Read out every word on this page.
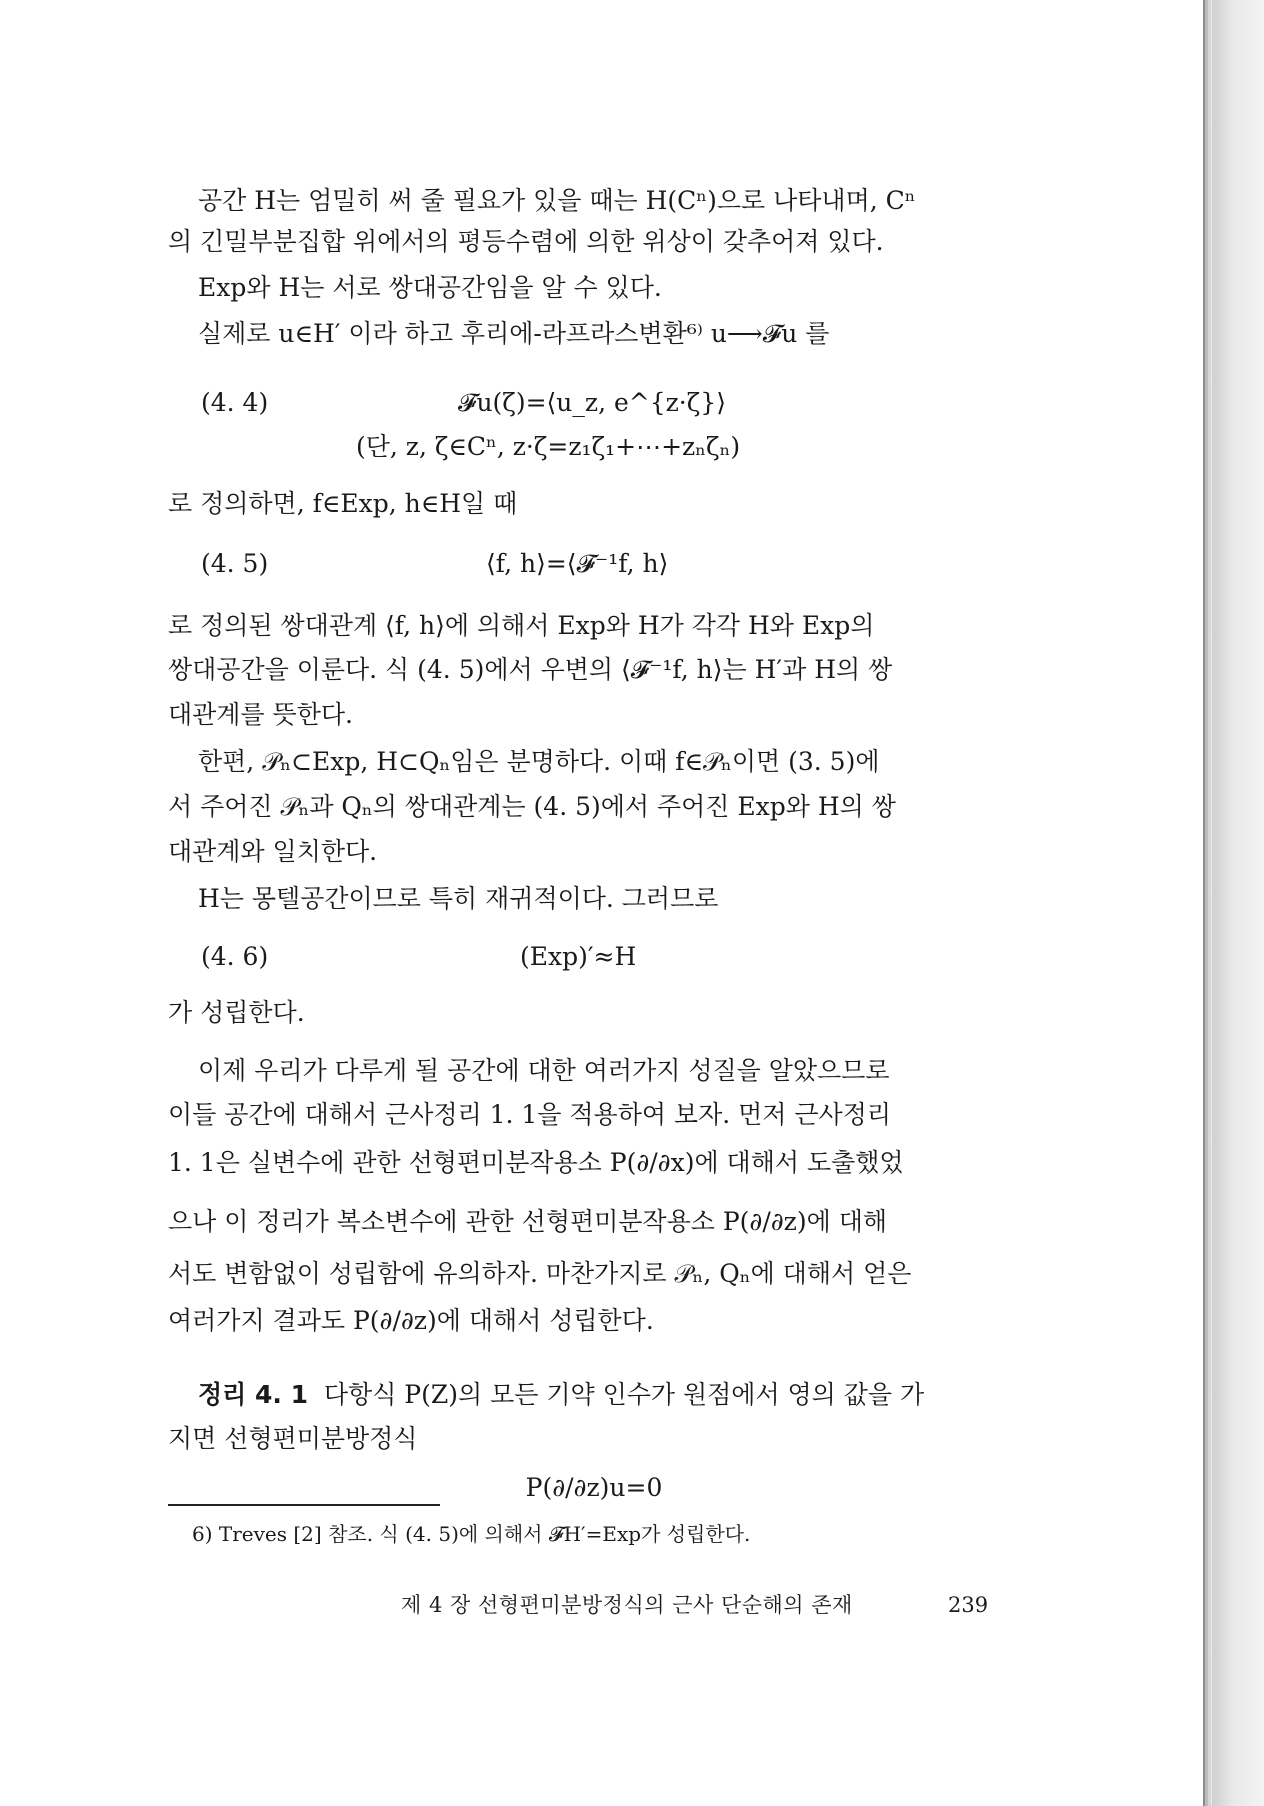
공간 H는 엄밀히 써 줄 필요가 있을 때는 H(Cⁿ)으로 나타내며, Cⁿ
의 긴밀부분집합 위에서의 평등수렴에 의한 위상이 갖추어져 있다.
Exp와 H는 서로 쌍대공간임을 알 수 있다.
실제로 u∈H′ 이라 하고 후리에-라프라스변환⁶⁾ u⟶𝓕u 를
(4. 4)	𝓕u(ζ)=⟨u_z, e^{z·ζ}⟩
(단, z, ζ∈Cⁿ, z·ζ=z₁ζ₁+⋯+zₙζₙ)
로 정의하면, f∈Exp, h∈H일 때
(4. 5)	⟨f, h⟩=⟨𝓕⁻¹f, h⟩
로 정의된 쌍대관계 ⟨f, h⟩에 의해서 Exp와 H가 각각 H와 Exp의
쌍대공간을 이룬다. 식 (4. 5)에서 우변의 ⟨𝓕⁻¹f, h⟩는 H′과 H의 쌍
대관계를 뜻한다.
한편, 𝒫ₙ⊂Exp, H⊂Qₙ임은 분명하다. 이때 f∈𝒫ₙ이면 (3. 5)에
서 주어진 𝒫ₙ과 Qₙ의 쌍대관계는 (4. 5)에서 주어진 Exp와 H의 쌍
대관계와 일치한다.
H는 몽텔공간이므로 특히 재귀적이다. 그러므로
(4. 6)	(Exp)′≈H
가 성립한다.
이제 우리가 다루게 될 공간에 대한 여러가지 성질을 알았으므로
이들 공간에 대해서 근사정리 1. 1을 적용하여 보자. 먼저 근사정리
1. 1은 실변수에 관한 선형편미분작용소 P(∂/∂x)에 대해서 도출했었
으나 이 정리가 복소변수에 관한 선형편미분작용소 P(∂/∂z)에 대해
서도 변함없이 성립함에 유의하자. 마찬가지로 𝒫ₙ, Qₙ에 대해서 얻은
여러가지 결과도 P(∂/∂z)에 대해서 성립한다.
정리 4. 1 다항식 P(Z)의 모든 기약 인수가 원점에서 영의 값을 가
지면 선형편미분방정식
P(∂/∂z)u=0
6) Treves [2] 참조. 식 (4. 5)에 의해서 𝓕H′=Exp가 성립한다.
제 4 장 선형편미분방정식의 근사 단순해의 존재	239
